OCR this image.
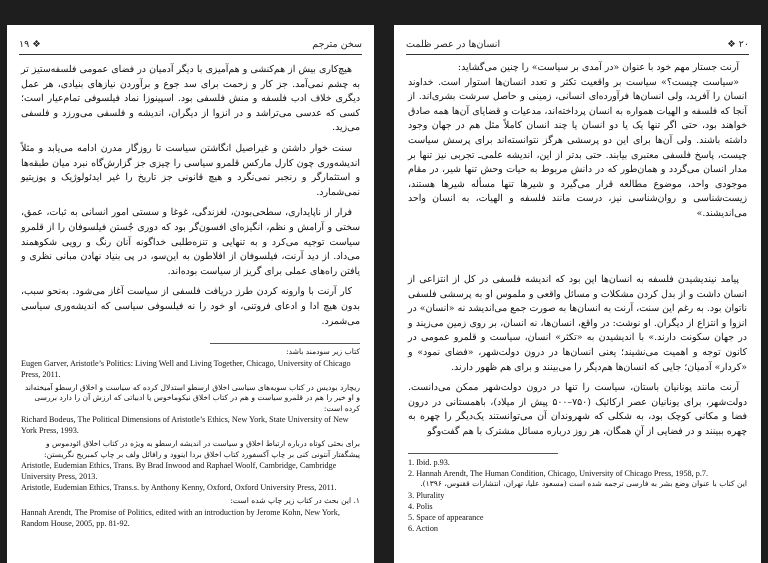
۱۹ ❖	سخن مترجم

هیچ‌کاری بیش از هم‌کنشی و هم‌آمیزی با دیگر آدمیان در فضای عمومی فلسفه‌ستیز تر به چشم نمی‌آمد. جز کار و زحمت برای سد جوع و برآوردن نیازهای بنیادی، هر عمل دیگری خلاف ادب فلسفه و منش فلسفی بود. اسپینوزا نماد فیلسوفی تمام‌عیار است؛ کسی که عدسی می‌تراشد و در انزوا از دیگران، اندیشه و فلسفی می‌ورزد و فلسفی می‌زید.

سنت خوار داشتن و غیراصیل انگاشتن سیاست تا روزگار مدرن ادامه می‌یابد و مثلاً اندیشه‌وری چون کارل مارکس قلمرو سیاسی را چیزی جز گزارش‌گاه نبرد میان طبقه‌ها و استثمارگر و رنجبر نمی‌نگرد و هیچ قانونی جز تاریخ را غیر ایدئولوژیک و پوزیتیو نمی‌شمارد.

فرار از ناپایداری، سطحی‌بودن، لغزندگی، غوغا و سستی امور انسانی به ثبات، عمق، سختی و آرامش و نظم، انگیزه‌ای افسون‌گر بود که دوری جُستن فیلسوفان را از قلمرو سیاست توجیه می‌کرد و به تنهایی و تنزه‌طلبی خداگونه آنان رنگ و رویی شکوهمند می‌داد. از دید آرنت، فیلسوفان از افلاطون به این‌سو، در پی بنیاد نهادن مبانی نظری و یافتن راه‌های عملی برای گریز از سیاست بوده‌اند.

کار آرنت با وارونه کردن طرز دریافت فلسفی از سیاست آغاز می‌شود. به‌نحو سبب، بدون هیچ ادا و ادعای فروتنی، او خود را نه فیلسوفی سیاسی که اندیشه‌وری سیاسی می‌شمرد.

کتاب زیر سودمند باشد:
Eugen Garver, Aristotle’s Politics: Living Well and Living Together, Chicago, University of Chicago Press, 2011.
ریچارد بودیس در کتاب سویه‌های سیاسی اخلاق ارسطو استدلال کرده که سیاست و اخلاق ارسطو آمیخته‌اند و او خیر را هم در قلمرو سیاست و هم در کتاب اخلاق نیکوماخوس یا ادبیاتی که ارزش آن را دارد بررسی کرده است:
Richard Bodeus, The Political Dimensions of Aristotle’s Ethics, New York, State University of New York Press, 1993.
برای بحثی کوتاه درباره ارتباط اخلاق و سیاست در اندیشه ارسطو به ویژه در کتاب اخلاق ائودموس و پیشگفتار آنتونی کنی بر چاپ آکسفورد کتاب اخلاق بردا اینوود و رافائل ولف بر چاپ کمبریج نگریستن:
Aristotle, Eudemian Ethics, Trans. By Brad Inwood and Raphael Woolf, Cambridge, Cambridge University Press, 2013.
Aristotle, Eudemian Ethics, Trans.s. by Anthony Kenny, Oxford, Oxford University Press, 2011.
۱. این بحث در کتاب زیر چاپ شده است:
Hannah Arendt, The Promise of Politics, edited with an introduction by Jerome Kohn, New York, Random House, 2005, pp. 81-92.
انسان‌ها در عصر ظلمت	❖ ۲۰

آرنت جستار مهم خود با عنوان «در آمدی بر سیاست» را چنین می‌گشاید:

«سیاست چیست؟» سیاست بر واقعیت تکثر و تعدد انسان‌ها استوار است. خداوند انسان را آفرید، ولی انسان‌ها فرآورده‌ای انسانی، زمینی و حاصل سرشت بشری‌اند. از آنجا که فلسفه و الهیات همواره به انسان پرداخته‌اند، مدعیات و قضایای آن‌ها همه صادق خواهند بود، حتی اگر تنها یک یا دو انسان یا چند انسان کاملاً مثل هم در جهان وجود داشته باشند. ولی آن‌ها برای این دو پرسشی هرگز نتوانسته‌اند برای پرسش سیاست چیست، پاسخ فلسفی معتبری بیابند. حتی بدتر از این، اندیشه علمی‌ـ تجربی نیز تنها بر مدار انسان می‌گردد و همان‌طور که در دانش مربوط به حیات وحش تنها شیر، در مقام موجودی واحد، موضوع مطالعه قرار می‌گیرد و شیرها تنها مسأله شیرها هستند، زیست‌شناسی و روان‌شناسی نیز، درست مانند فلسفه و الهیات، به انسان واحد می‌اندیشند.»

پیامد نیندیشیدن فلسفه به انسان‌ها این بود که اندیشه فلسفی در کل از انتزاعی از انسان داشت و از بدل کردن مشکلات و مسائل واقعی و ملموس او به پرسشی فلسفی ناتوان بود. به رغم این سنت، آرنت به انسان‌ها به صورت جمع می‌اندیشد نه «انسان» در انزوا و انتزاع از دیگران. او نوشت: در واقع، انسان‌ها، نه انسان، بر روی زمین می‌زیند و در جهان سکونت دارند.» با اندیشیدن به «تکثر» انسان، سیاست و قلمرو عمومی در کانون توجه و اهمیت می‌نشیند؛ یعنی انسان‌ها در درون دولت‌شهر، «فضای نمود» و «کردار» آدمیان؛ جایی که انسان‌ها هم‌دیگر را می‌بینند و برای هم ظهور دارند.

آرنت مانند یونانیان باستان، سیاست را تنها در درون دولت‌شهر ممکن می‌دانست. دولت‌شهر، برای یونانیان عصر ارکائیک (۷۵۰–۵۰۰ پیش از میلاد)، باهمستانی در درون فضا و مکانی کوچک بود، به شکلی که شهروندان آن می‌توانستند یک‌دیگر را چهره به چهره ببینند و در فضایی از آنِ همگان، هر روز درباره مسائل مشترک با هم گفت‌وگو

1. Ibid. p.93.
2. Hannah Arendt, The Human Condition, Chicago, University of Chicago Press, 1958, p.7.
این کتاب با عنوان وضع بشر به فارسی ترجمه شده است (مسعود علیا، تهران، انتشارات ققنوس، ۱۳۹۶).
3. Plurality
4. Polis
5. Space of appearance
6. Action
